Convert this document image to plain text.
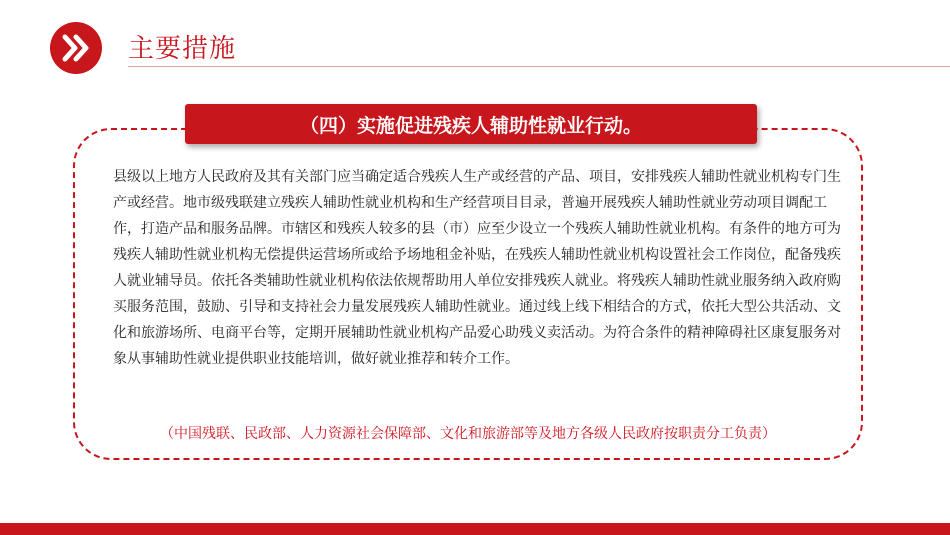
主要措施
（四）实施促进残疾人辅助性就业行动。

县级以上地方人民政府及其有关部门应当确定适合残疾人生产或经营的产品、项目，安排残疾人辅助性就业机构专门生产或经营。地市级残联建立残疾人辅助性就业机构和生产经营项目目录，普遍开展残疾人辅助性就业劳动项目调配工作，打造产品和服务品牌。市辖区和残疾人较多的县（市）应至少设立一个残疾人辅助性就业机构。有条件的地方可为残疾人辅助性就业机构无偿提供运营场所或给予场地租金补贴，在残疾人辅助性就业机构设置社会工作岗位，配备残疾人就业辅导员。依托各类辅助性就业机构依法依规帮助用人单位安排残疾人就业。将残疾人辅助性就业服务纳入政府购买服务范围，鼓励、引导和支持社会力量发展残疾人辅助性就业。通过线上线下相结合的方式，依托大型公共活动、文化和旅游场所、电商平台等，定期开展辅助性就业机构产品爱心助残义卖活动。为符合条件的精神障碍社区康复服务对象从事辅助性就业提供职业技能培训，做好就业推荐和转介工作。

（中国残联、民政部、人力资源社会保障部、文化和旅游部等及地方各级人民政府按职责分工负责）
